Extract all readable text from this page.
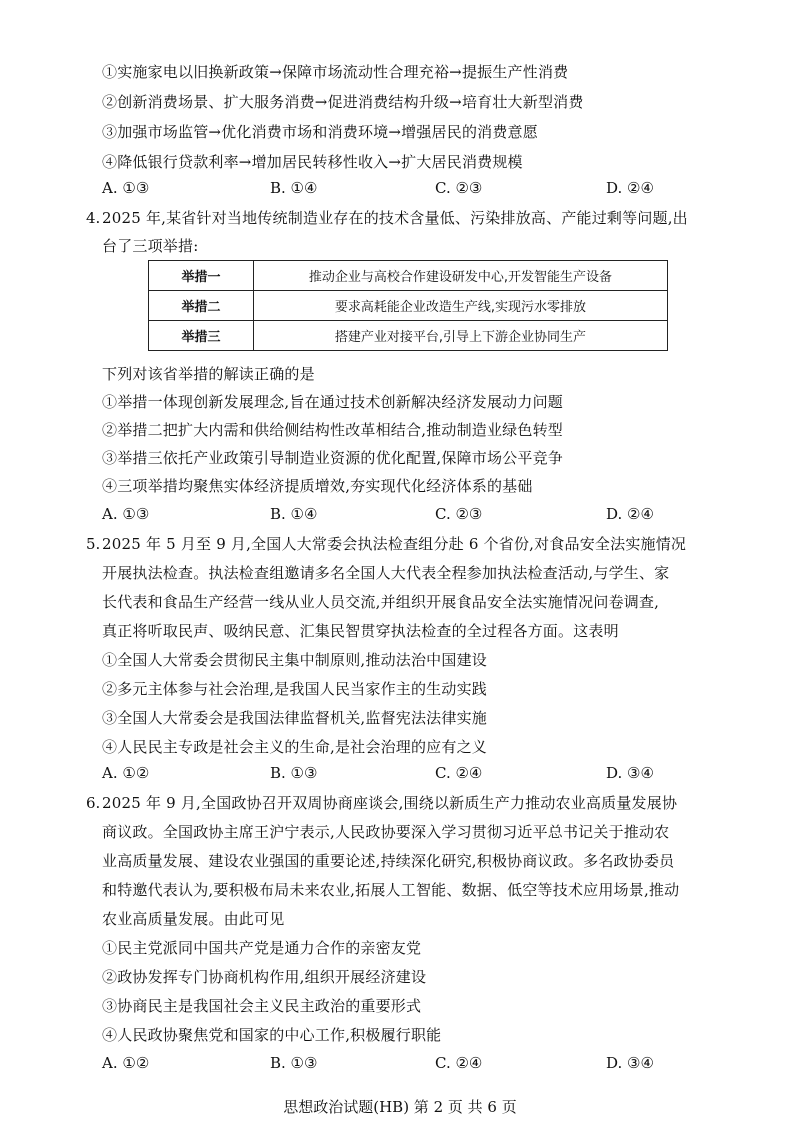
①实施家电以旧换新政策→保障市场流动性合理充裕→提振生产性消费
②创新消费场景、扩大服务消费→促进消费结构升级→培育壮大新型消费
③加强市场监管→优化消费市场和消费环境→增强居民的消费意愿
④降低银行贷款利率→增加居民转移性收入→扩大居民消费规模
A. ①③	B. ①④	C. ②③	D. ②④
4. 2025 年,某省针对当地传统制造业存在的技术含量低、污染排放高、产能过剩等问题,出
台了三项举措:
举措一	推动企业与高校合作建设研发中心,开发智能生产设备
举措二	要求高耗能企业改造生产线,实现污水零排放
举措三	搭建产业对接平台,引导上下游企业协同生产
下列对该省举措的解读正确的是
①举措一体现创新发展理念,旨在通过技术创新解决经济发展动力问题
②举措二把扩大内需和供给侧结构性改革相结合,推动制造业绿色转型
③举措三依托产业政策引导制造业资源的优化配置,保障市场公平竞争
④三项举措均聚焦实体经济提质增效,夯实现代化经济体系的基础
A. ①③	B. ①④	C. ②③	D. ②④
5. 2025 年 5 月至 9 月,全国人大常委会执法检查组分赴 6 个省份,对食品安全法实施情况
开展执法检查。执法检查组邀请多名全国人大代表全程参加执法检查活动,与学生、家
长代表和食品生产经营一线从业人员交流,并组织开展食品安全法实施情况问卷调查,
真正将听取民声、吸纳民意、汇集民智贯穿执法检查的全过程各方面。这表明
①全国人大常委会贯彻民主集中制原则,推动法治中国建设
②多元主体参与社会治理,是我国人民当家作主的生动实践
③全国人大常委会是我国法律监督机关,监督宪法法律实施
④人民民主专政是社会主义的生命,是社会治理的应有之义
A. ①②	B. ①③	C. ②④	D. ③④
6. 2025 年 9 月,全国政协召开双周协商座谈会,围绕以新质生产力推动农业高质量发展协
商议政。全国政协主席王沪宁表示,人民政协要深入学习贯彻习近平总书记关于推动农
业高质量发展、建设农业强国的重要论述,持续深化研究,积极协商议政。多名政协委员
和特邀代表认为,要积极布局未来农业,拓展人工智能、数据、低空等技术应用场景,推动
农业高质量发展。由此可见
①民主党派同中国共产党是通力合作的亲密友党
②政协发挥专门协商机构作用,组织开展经济建设
③协商民主是我国社会主义民主政治的重要形式
④人民政协聚焦党和国家的中心工作,积极履行职能
A. ①②	B. ①③	C. ②④	D. ③④
思想政治试题(HB) 第 2 页 共 6 页
